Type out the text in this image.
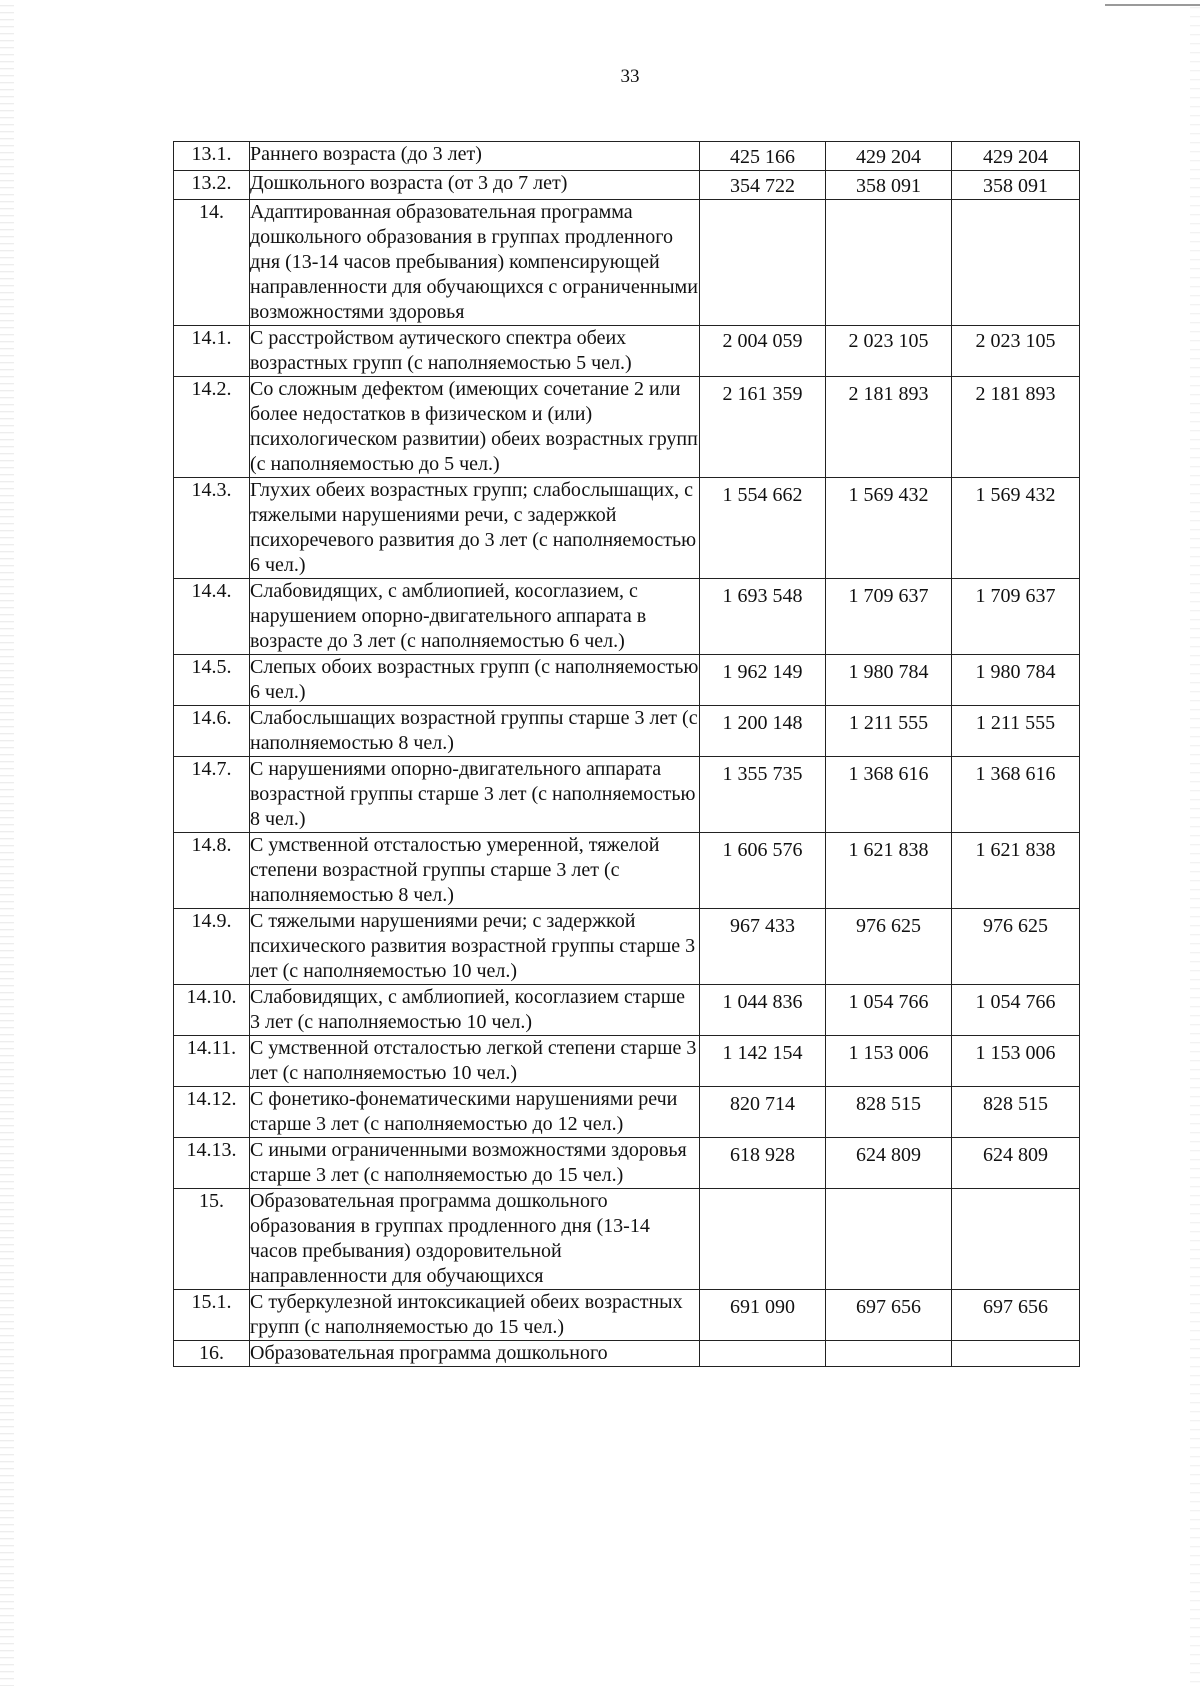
33
13.1.	Раннего возраста (до 3 лет)	425 166	429 204	429 204
13.2.	Дошкольного возраста (от 3 до 7 лет)	354 722	358 091	358 091
14.	Адаптированная образовательная программа дошкольного образования в группах продленного дня (13-14 часов пребывания) компенсирующей направленности для обучающихся с ограниченными возможностями здоровья			
14.1.	С расстройством аутического спектра обеих возрастных групп (с наполняемостью 5 чел.)	2 004 059	2 023 105	2 023 105
14.2.	Со сложным дефектом (имеющих сочетание 2 или более недостатков в физическом и (или) психологическом развитии) обеих возрастных групп (с наполняемостью до 5 чел.)	2 161 359	2 181 893	2 181 893
14.3.	Глухих обеих возрастных групп; слабослышащих, с тяжелыми нарушениями речи, с задержкой психоречевого развития до 3 лет (с наполняемостью 6 чел.)	1 554 662	1 569 432	1 569 432
14.4.	Слабовидящих, с амблиопией, косоглазием, с нарушением опорно-двигательного аппарата в возрасте до 3 лет (с наполняемостью 6 чел.)	1 693 548	1 709 637	1 709 637
14.5.	Слепых обоих возрастных групп (с наполняемостью 6 чел.)	1 962 149	1 980 784	1 980 784
14.6.	Слабослышащих возрастной группы старше 3 лет (с наполняемостью 8 чел.)	1 200 148	1 211 555	1 211 555
14.7.	С нарушениями опорно-двигательного аппарата возрастной группы старше 3 лет (с наполняемостью 8 чел.)	1 355 735	1 368 616	1 368 616
14.8.	С умственной отсталостью умеренной, тяжелой степени возрастной группы старше 3 лет (с наполняемостью 8 чел.)	1 606 576	1 621 838	1 621 838
14.9.	С тяжелыми нарушениями речи; с задержкой психического развития возрастной группы старше 3 лет (с наполняемостью 10 чел.)	967 433	976 625	976 625
14.10.	Слабовидящих, с амблиопией, косоглазием старше 3 лет (с наполняемостью 10 чел.)	1 044 836	1 054 766	1 054 766
14.11.	С умственной отсталостью легкой степени старше 3 лет (с наполняемостью 10 чел.)	1 142 154	1 153 006	1 153 006
14.12.	С фонетико-фонематическими нарушениями речи старше 3 лет (с наполняемостью до 12 чел.)	820 714	828 515	828 515
14.13.	С иными ограниченными возможностями здоровья старше 3 лет (с наполняемостью до 15 чел.)	618 928	624 809	624 809
15.	Образовательная программа дошкольного образования в группах продленного дня (13-14 часов пребывания) оздоровительной направленности для обучающихся			
15.1.	С туберкулезной интоксикацией обеих возрастных групп (с наполняемостью до 15 чел.)	691 090	697 656	697 656
16.	Образовательная программа дошкольного			
